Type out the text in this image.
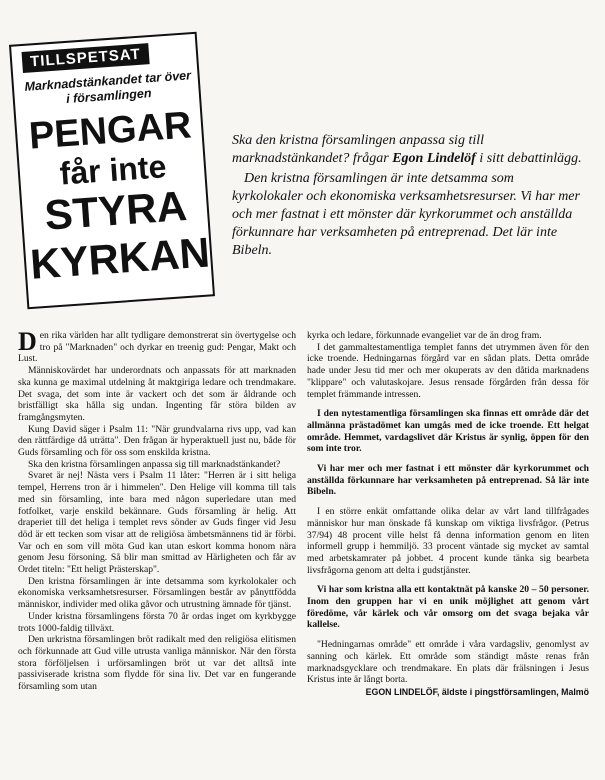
TILLSPETSAT
Marknadstänkandet tar över i församlingen
PENGAR
får inte
STYRA
KYRKAN

Ska den kristna församlingen anpassa sig till marknadstänkandet? frågar Egon Lindelöf i sitt debattinlägg.

Den kristna församlingen är inte detsamma som kyrkolokaler och ekonomiska verksamhetsresurser. Vi har mer och mer fastnat i ett mönster där kyrkorummet och anställda förkunnare har verksamheten på entreprenad. Det lär inte Bibeln.

Den rika världen har allt tydligare demonstrerat sin övertygelse och tro på "Marknaden" och dyrkar en treenig gud: Pengar, Makt och Lust.

Människovärdet har underordnats och anpassats för att marknaden ska kunna ge maximal utdelning åt maktgiriga ledare och trendmakare. Det svaga, det som inte är vackert och det som är åldrande och bristfälligt ska hålla sig undan. Ingenting får störa bilden av framgångsmyten.

Kung David säger i Psalm 11: "När grundvalarna rivs upp, vad kan den rättfärdige då uträtta". Den frågan är hyperaktuell just nu, både för Guds församling och för oss som enskilda kristna.

Ska den kristna församlingen anpassa sig till marknadstänkandet?

Svaret är nej! Nästa vers i Psalm 11 låter: "Herren är i sitt heliga tempel, Herrens tron är i himmelen". Den Helige vill komma till tals med sin församling, inte bara med någon superledare utan med fotfolket, varje enskild bekännare. Guds församling är helig. Att draperiet till det heliga i templet revs sönder av Guds finger vid Jesu död är ett tecken som visar att de religiösa ämbetsmännens tid är förbi. Var och en som vill möta Gud kan utan eskort komma honom nära genom Jesu försoning. Så blir man smittad av Härligheten och får av Ordet titeln: "Ett heligt Prästerskap".

Den kristna församlingen är inte detsamma som kyrkolokaler och ekonomiska verksamhetsresurser. Församlingen består av pånyttfödda människor, individer med olika gåvor och utrustning ämnade för tjänst.

Under kristna församlingens första 70 år ordas inget om kyrkbygge trots 1000-faldig tillväxt.

Den urkristna församlingen bröt radikalt med den religiösa elitismen och förkunnade att Gud ville utrusta vanliga människor. När den första stora förföljelsen i urförsamlingen bröt ut var det alltså inte passiviserade kristna som flydde för sina liv. Det var en fungerande församling som utan

kyrka och ledare, förkunnade evangeliet var de än drog fram.

I det gammaltestamentliga templet fanns det utrymmen även för den icke troende. Hedningarnas förgård var en sådan plats. Detta område hade under Jesu tid mer och mer okuperats av den dåtida marknadens "klippare" och valutaskojare. Jesus rensade förgården från dessa för templet främmande intressen.

I den nytestamentliga församlingen ska finnas ett område där det allmänna prästadömet kan umgås med de icke troende. Ett helgat område. Hemmet, vardagslivet där Kristus är synlig, öppen för den som inte tror.

Vi har mer och mer fastnat i ett mönster där kyrkorummet och anställda förkunnare har verksamheten på entreprenad. Så lär inte Bibeln.

I en större enkät omfattande olika delar av vårt land tillfrågades människor hur man önskade få kunskap om viktiga livsfrågor. (Petrus 37/94) 48 procent ville helst få denna information genom en liten informell grupp i hemmiljö. 33 procent väntade sig mycket av samtal med arbetskamrater på jobbet. 4 procent kunde tänka sig bearbeta livsfrågorna genom att delta i gudstjänster.

Vi har som kristna alla ett kontaktnät på kanske 20 – 50 personer. Inom den gruppen har vi en unik möjlighet att genom vårt föredöme, vår kärlek och vår omsorg om det svaga bejaka vår kallelse.

"Hedningarnas område" ett område i våra vardagsliv, genomlyst av sanning och kärlek. Ett område som ständigt måste renas från marknadsgycklare och trendmakare. En plats där frälsningen i Jesus Kristus inte är långt borta.

EGON LINDELÖF, äldste i pingstförsamlingen, Malmö
